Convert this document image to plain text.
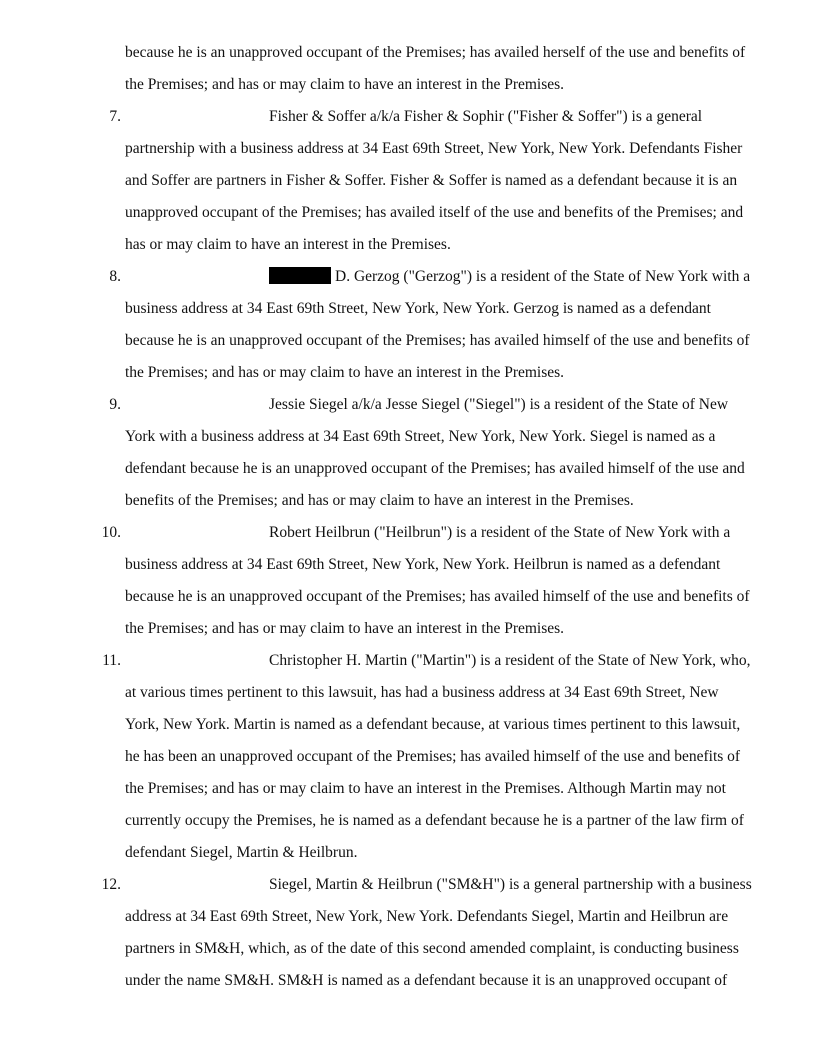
because he is an unapproved occupant of the Premises; has availed herself of the use and benefits of
the Premises; and has or may claim to have an interest in the Premises.
7.	Fisher & Soffer a/k/a Fisher & Sophir ("Fisher & Soffer") is a general
partnership with a business address at 34 East 69th Street, New York, New York. Defendants Fisher
and Soffer are partners in Fisher & Soffer. Fisher & Soffer is named as a defendant because it is an
unapproved occupant of the Premises; has availed itself of the use and benefits of the Premises; and
has or may claim to have an interest in the Premises.
8.	D. Gerzog ("Gerzog") is a resident of the State of New York with a
business address at 34 East 69th Street, New York, New York. Gerzog is named as a defendant
because he is an unapproved occupant of the Premises; has availed himself of the use and benefits of
the Premises; and has or may claim to have an interest in the Premises.
9.	Jessie Siegel a/k/a Jesse Siegel ("Siegel") is a resident of the State of New
York with a business address at 34 East 69th Street, New York, New York. Siegel is named as a
defendant because he is an unapproved occupant of the Premises; has availed himself of the use and
benefits of the Premises; and has or may claim to have an interest in the Premises.
10.	Robert Heilbrun ("Heilbrun") is a resident of the State of New York with a
business address at 34 East 69th Street, New York, New York. Heilbrun is named as a defendant
because he is an unapproved occupant of the Premises; has availed himself of the use and benefits of
the Premises; and has or may claim to have an interest in the Premises.
11.	Christopher H. Martin ("Martin") is a resident of the State of New York, who,
at various times pertinent to this lawsuit, has had a business address at 34 East 69th Street, New
York, New York. Martin is named as a defendant because, at various times pertinent to this lawsuit,
he has been an unapproved occupant of the Premises; has availed himself of the use and benefits of
the Premises; and has or may claim to have an interest in the Premises. Although Martin may not
currently occupy the Premises, he is named as a defendant because he is a partner of the law firm of
defendant Siegel, Martin & Heilbrun.
12.	Siegel, Martin & Heilbrun ("SM&H") is a general partnership with a business
address at 34 East 69th Street, New York, New York. Defendants Siegel, Martin and Heilbrun are
partners in SM&H, which, as of the date of this second amended complaint, is conducting business
under the name SM&H. SM&H is named as a defendant because it is an unapproved occupant of
